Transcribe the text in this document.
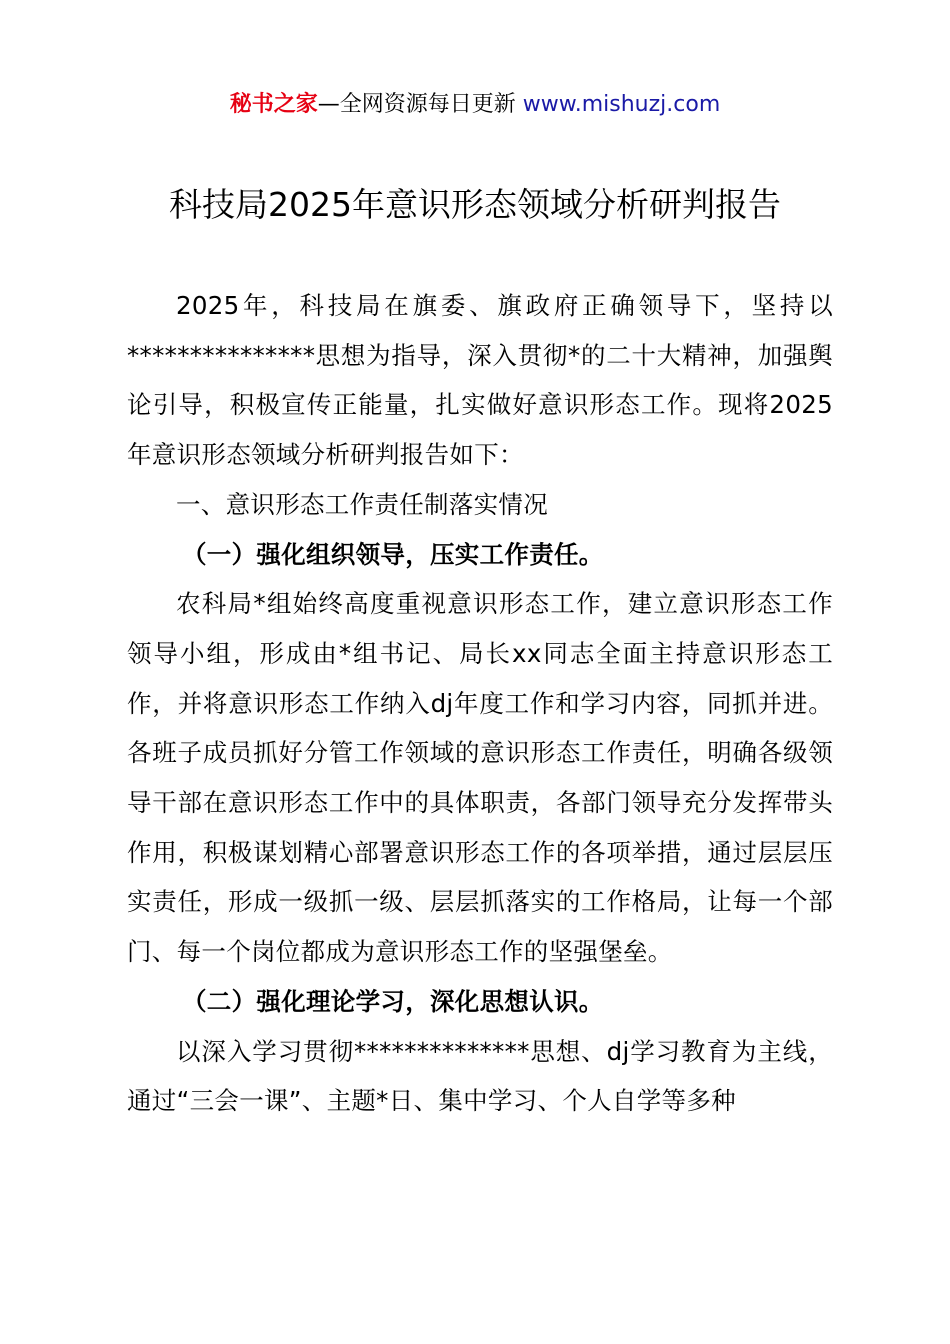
秘书之家—全网资源每日更新 www.mishuzj.com
科技局2025年意识形态领域分析研判报告

2025年，科技局在旗委、旗政府正确领导下，坚持以***************思想为指导，深入贯彻*的二十大精神，加强舆论引导，积极宣传正能量，扎实做好意识形态工作。现将2025年意识形态领域分析研判报告如下：

一、意识形态工作责任制落实情况

（一）强化组织领导，压实工作责任。

农科局*组始终高度重视意识形态工作，建立意识形态工作领导小组，形成由*组书记、局长xx同志全面主持意识形态工作，并将意识形态工作纳入dj年度工作和学习内容，同抓并进。各班子成员抓好分管工作领域的意识形态工作责任，明确各级领导干部在意识形态工作中的具体职责，各部门领导充分发挥带头作用，积极谋划精心部署意识形态工作的各项举措，通过层层压实责任，形成一级抓一级、层层抓落实的工作格局，让每一个部门、每一个岗位都成为意识形态工作的坚强堡垒。

（二）强化理论学习，深化思想认识。

以深入学习贯彻**************思想、dj学习教育为主线，通过“三会一课”、主题*日、集中学习、个人自学等多种
